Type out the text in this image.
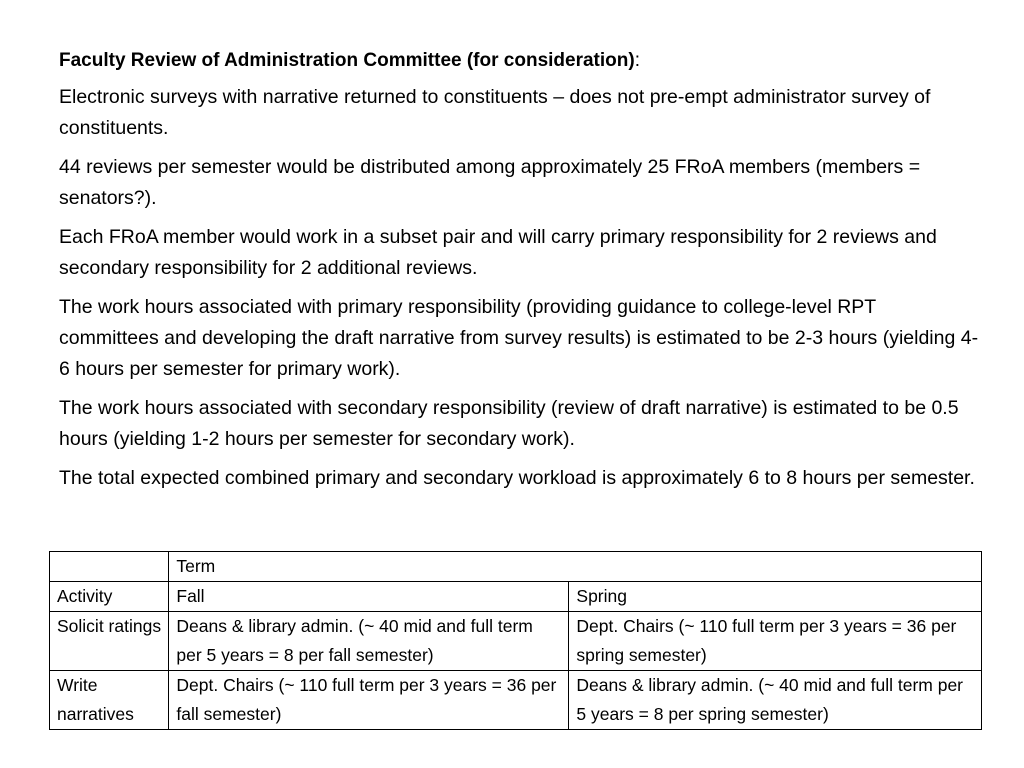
Faculty Review of Administration Committee (for consideration):

Electronic surveys with narrative returned to constituents – does not pre-empt administrator survey of constituents.

44 reviews per semester would be distributed among approximately 25 FRoA members (members = senators?).

Each FRoA member would work in a subset pair and will carry primary responsibility for 2 reviews and secondary responsibility for 2 additional reviews.

The work hours associated with primary responsibility (providing guidance to college-level RPT committees and developing the draft narrative from survey results) is estimated to be 2-3 hours (yielding 4-6 hours per semester for primary work).

The work hours associated with secondary responsibility (review of draft narrative) is estimated to be 0.5 hours (yielding 1-2 hours per semester for secondary work).

The total expected combined primary and secondary workload is approximately 6 to 8 hours per semester.

	Term	
Activity	Fall	Spring
Solicit ratings	Deans & library admin. (~ 40 mid and full term per 5 years = 8 per fall semester)	Dept. Chairs (~ 110 full term per 3 years = 36 per spring semester)
Write narratives	Dept. Chairs (~ 110 full term per 3 years = 36 per fall semester)	Deans & library admin. (~ 40 mid and full term per 5 years = 8 per spring semester)
